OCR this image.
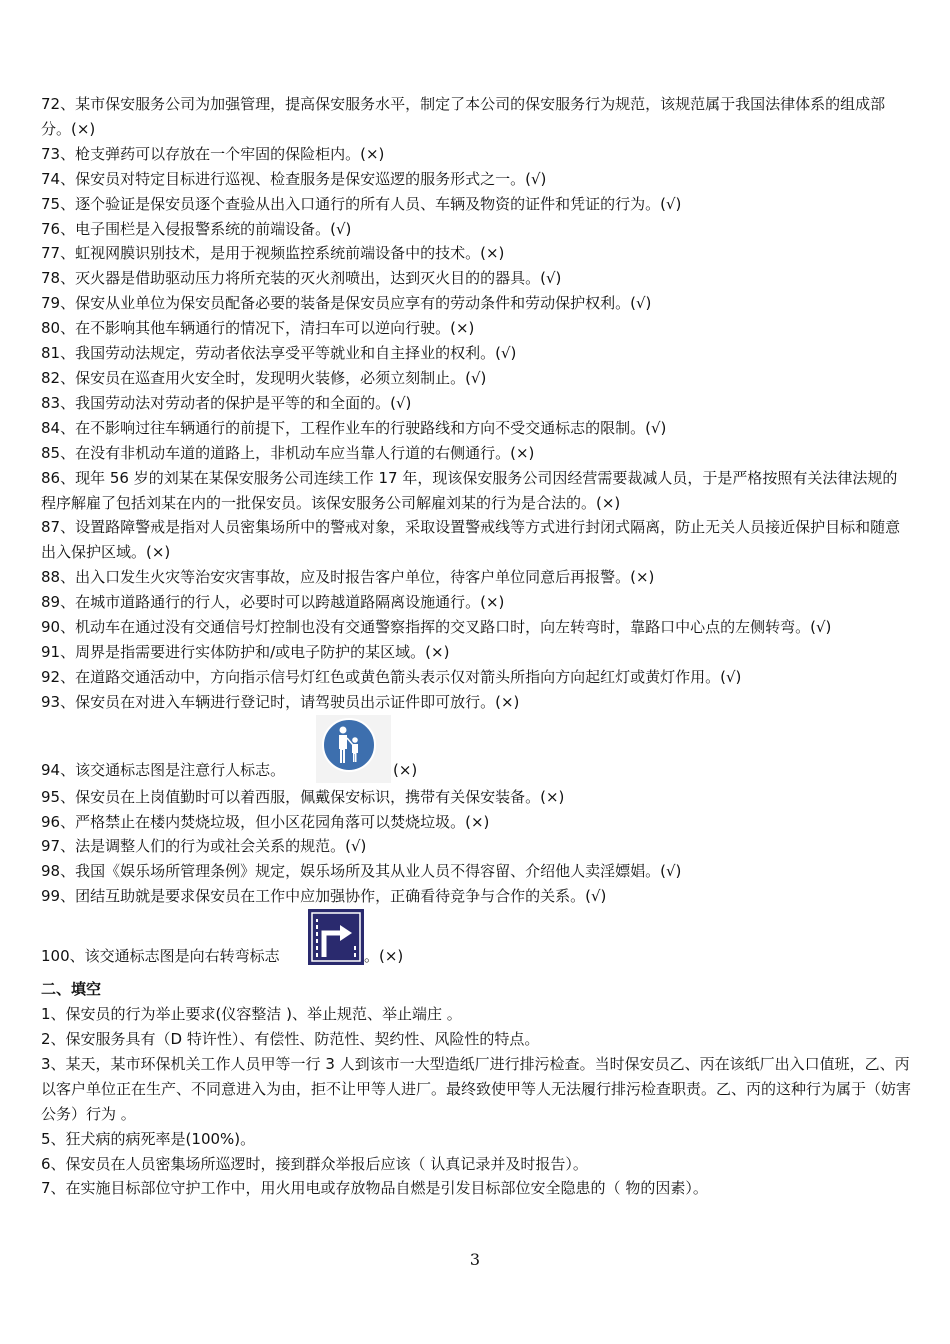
72、某市保安服务公司为加强管理，提高保安服务水平，制定了本公司的保安服务行为规范，该规范属于我国法律体系的组成部分。(×)
73、枪支弹药可以存放在一个牢固的保险柜内。(×)
74、保安员对特定目标进行巡视、检查服务是保安巡逻的服务形式之一。(√)
75、逐个验证是保安员逐个查验从出入口通行的所有人员、车辆及物资的证件和凭证的行为。(√)
76、电子围栏是入侵报警系统的前端设备。(√)
77、虹视网膜识别技术，是用于视频监控系统前端设备中的技术。(×)
78、灭火器是借助驱动压力将所充装的灭火剂喷出，达到灭火目的的器具。(√)
79、保安从业单位为保安员配备必要的装备是保安员应享有的劳动条件和劳动保护权利。(√)
80、在不影响其他车辆通行的情况下，清扫车可以逆向行驶。(×)
81、我国劳动法规定，劳动者依法享受平等就业和自主择业的权利。(√)
82、保安员在巡查用火安全时，发现明火装修，必须立刻制止。(√)
83、我国劳动法对劳动者的保护是平等的和全面的。(√)
84、在不影响过往车辆通行的前提下，工程作业车的行驶路线和方向不受交通标志的限制。(√)
85、在没有非机动车道的道路上，非机动车应当靠人行道的右侧通行。(×)
86、现年 56 岁的刘某在某保安服务公司连续工作 17 年，现该保安服务公司因经营需要裁减人员，于是严格按照有关法律法规的程序解雇了包括刘某在内的一批保安员。该保安服务公司解雇刘某的行为是合法的。(×)
87、设置路障警戒是指对人员密集场所中的警戒对象，采取设置警戒线等方式进行封闭式隔离，防止无关人员接近保护目标和随意出入保护区域。(×)
88、出入口发生火灾等治安灾害事故，应及时报告客户单位，待客户单位同意后再报警。(×)
89、在城市道路通行的行人，必要时可以跨越道路隔离设施通行。(×)
90、机动车在通过没有交通信号灯控制也没有交通警察指挥的交叉路口时，向左转弯时，靠路口中心点的左侧转弯。(√)
91、周界是指需要进行实体防护和/或电子防护的某区域。(×)
92、在道路交通活动中，方向指示信号灯红色或黄色箭头表示仅对箭头所指向方向起红灯或黄灯作用。(√)
93、保安员在对进入车辆进行登记时，请驾驶员出示证件即可放行。(×)
94、该交通标志图是注意行人标志。	(×)
95、保安员在上岗值勤时可以着西服，佩戴保安标识，携带有关保安装备。(×)
96、严格禁止在楼内焚烧垃圾，但小区花园角落可以焚烧垃圾。(×)
97、法是调整人们的行为或社会关系的规范。(√)
98、我国《娱乐场所管理条例》规定，娱乐场所及其从业人员不得容留、介绍他人卖淫嫖娼。(√)
99、团结互助就是要求保安员在工作中应加强协作，正确看待竞争与合作的关系。(√)
100、该交通标志图是向右转弯标志	。(×)
二、填空
1、保安员的行为举止要求(仪容整洁 )、举止规范、举止端庄 。
2、保安服务具有（D 特许性）、有偿性、防范性、契约性、风险性的特点。
3、某天，某市环保机关工作人员甲等一行 3 人到该市一大型造纸厂进行排污检查。当时保安员乙、丙在该纸厂出入口值班，乙、丙以客户单位正在生产、不同意进入为由，拒不让甲等人进厂。最终致使甲等人无法履行排污检查职责。乙、丙的这种行为属于（妨害公务）行为 。
5、狂犬病的病死率是(100%)。
6、保安员在人员密集场所巡逻时，接到群众举报后应该（ 认真记录并及时报告）。
7、在实施目标部位守护工作中，用火用电或存放物品自燃是引发目标部位安全隐患的（ 物的因素）。
3
